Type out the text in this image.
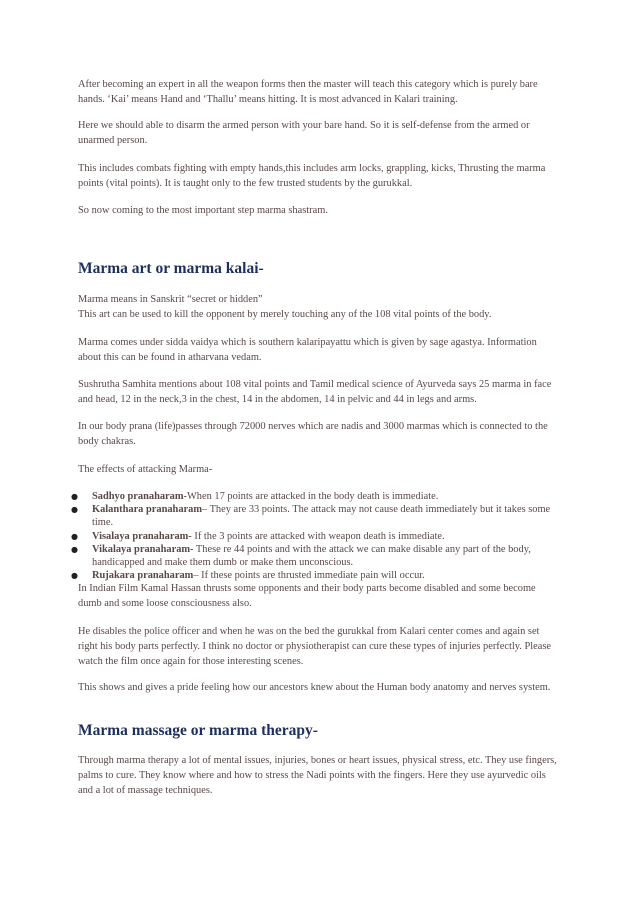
After becoming an expert in all the weapon forms then the master will teach this category which is purely bare hands. ‘Kai’ means Hand and ‘Thallu’ means hitting. It is most advanced in Kalari training.

Here we should able to disarm the armed person with your bare hand. So it is self-defense from the armed or unarmed person.

This includes combats fighting with empty hands,this includes arm locks, grappling, kicks, Thrusting the marma points (vital points). It is taught only to the few trusted students by the gurukkal.

So now coming to the most important step marma shastram.

Marma art or marma kalai-

Marma means in Sanskrit “secret or hidden”
This art can be used to kill the opponent by merely touching any of the 108 vital points of the body.

Marma comes under sidda vaidya which is southern kalaripayattu which is given by sage agastya. Information about this can be found in atharvana vedam.

Sushrutha Samhita mentions about 108 vital points and Tamil medical science of Ayurveda says 25 marma in face and head, 12 in the neck,3 in the chest, 14 in the abdomen, 14 in pelvic and 44 in legs and arms.

In our body prana (life)passes through 72000 nerves which are nadis and 3000 marmas which is connected to the body chakras.

The effects of attacking Marma-

● Sadhyo pranaharam-When 17 points are attacked in the body death is immediate.
● Kalanthara pranaharam– They are 33 points. The attack may not cause death immediately but it takes some time.
● Visalaya pranaharam- If the 3 points are attacked with weapon death is immediate.
● Vikalaya pranaharam- These re 44 points and with the attack we can make disable any part of the body, handicapped and make them dumb or make them unconscious.
● Rujakara pranaharam– If these points are thrusted immediate pain will occur.

In Indian Film Kamal Hassan thrusts some opponents and their body parts become disabled and some become dumb and some loose consciousness also.

He disables the police officer and when he was on the bed the gurukkal from Kalari center comes and again set right his body parts perfectly. I think no doctor or physiotherapist can cure these types of injuries perfectly. Please watch the film once again for those interesting scenes.

This shows and gives a pride feeling how our ancestors knew about the Human body anatomy and nerves system.

Marma massage or marma therapy-

Through marma therapy a lot of mental issues, injuries, bones or heart issues, physical stress, etc. They use fingers, palms to cure. They know where and how to stress the Nadi points with the fingers. Here they use ayurvedic oils and a lot of massage techniques.
